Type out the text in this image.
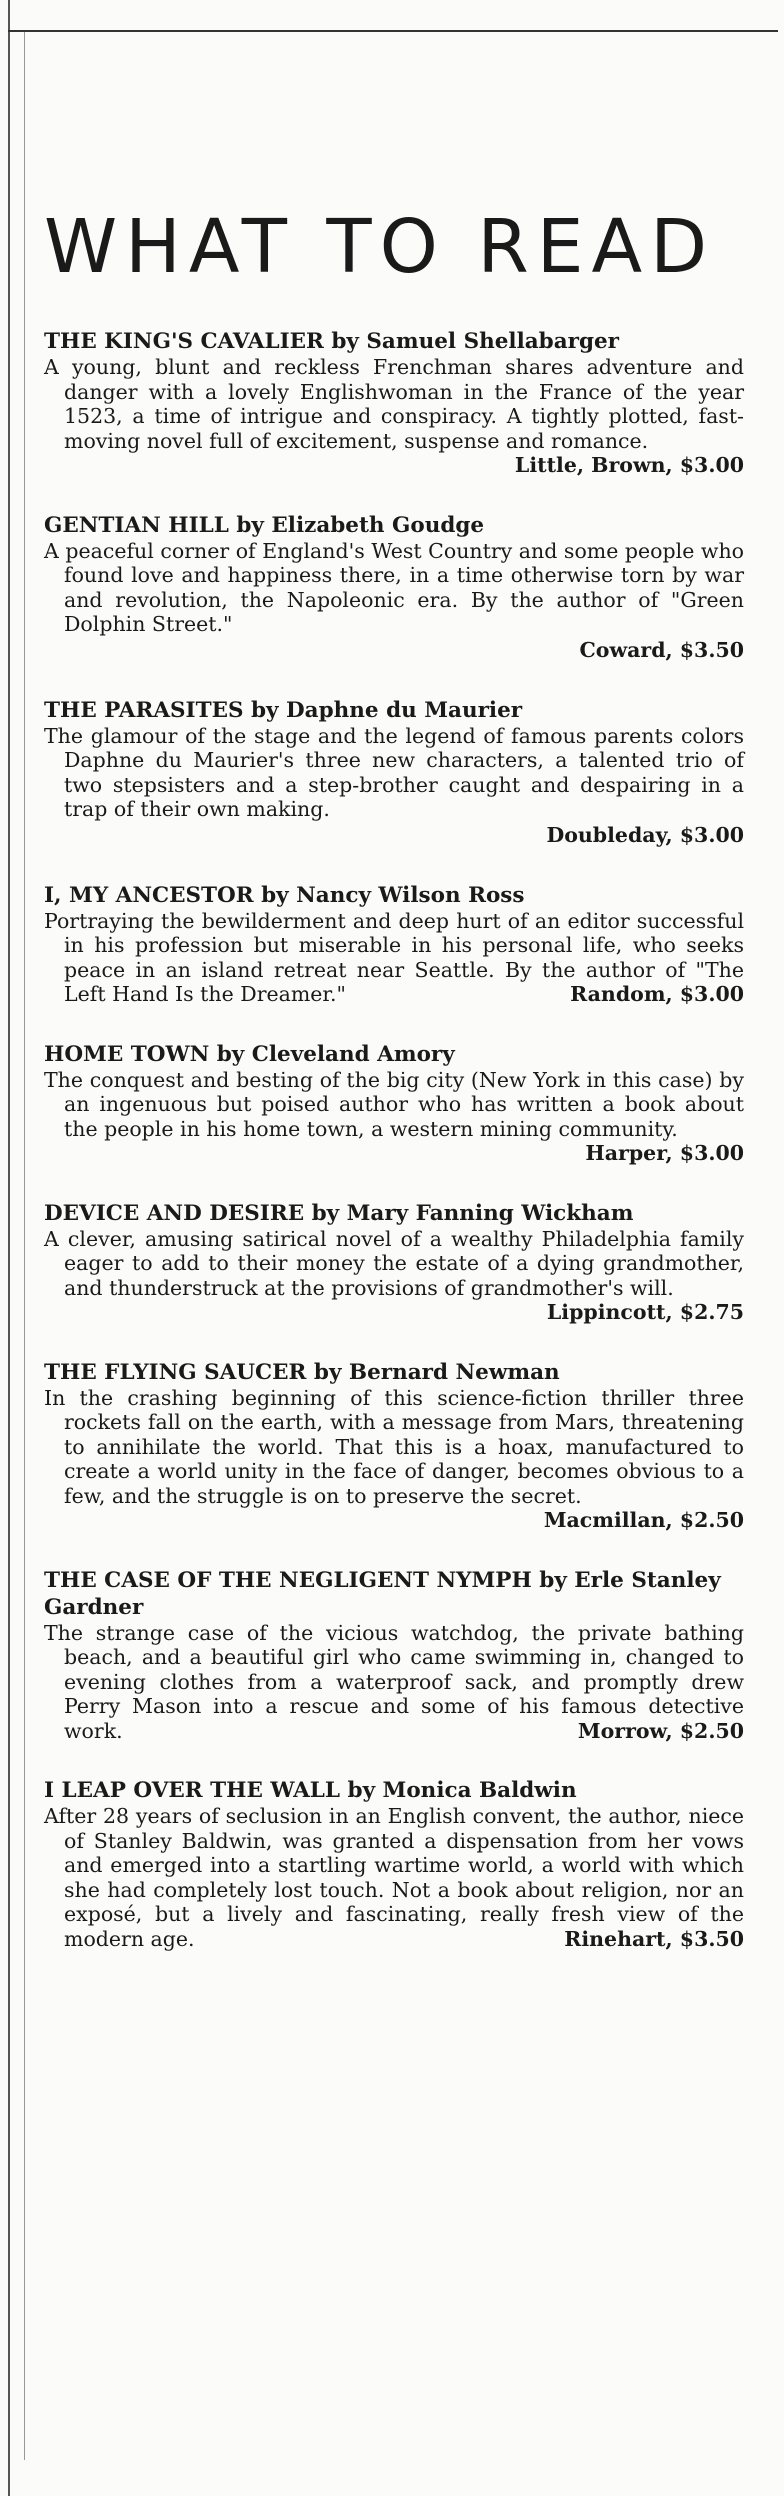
WHAT TO READ

THE KING'S CAVALIER by Samuel Shellabarger

A young, blunt and reckless Frenchman shares adventure and danger with a lovely Englishwoman in the France of the year 1523, a time of intrigue and conspiracy. A tightly plotted, fast-moving novel full of excitement, suspense and romance.
Little, Brown, $3.00

GENTIAN HILL by Elizabeth Goudge

A peaceful corner of England's West Country and some people who found love and happiness there, in a time otherwise torn by war and revolution, the Napoleonic era. By the author of "Green Dolphin Street."

Coward, $3.50

THE PARASITES by Daphne du Maurier

The glamour of the stage and the legend of famous parents colors Daphne du Maurier's three new characters, a talented trio of two stepsisters and a step-brother caught and despairing in a trap of their own making.

Doubleday, $3.00

I, MY ANCESTOR by Nancy Wilson Ross

Portraying the bewilderment and deep hurt of an editor successful in his profession but miserable in his personal life, who seeks peace in an island retreat near Seattle. By the author of "The Left Hand Is the Dreamer."	Random, $3.00

HOME TOWN by Cleveland Amory

The conquest and besting of the big city (New York in this case) by an ingenuous but poised author who has written a book about the people in his home town, a western mining community.
Harper, $3.00

DEVICE AND DESIRE by Mary Fanning Wickham

A clever, amusing satirical novel of a wealthy Philadelphia family eager to add to their money the estate of a dying grandmother, and thunderstruck at the provisions of grandmother's will.
Lippincott, $2.75

THE FLYING SAUCER by Bernard Newman

In the crashing beginning of this science-fiction thriller three rockets fall on the earth, with a message from Mars, threatening to annihilate the world. That this is a hoax, manufactured to create a world unity in the face of danger, becomes obvious to a few, and the struggle is on to preserve the secret.
Macmillan, $2.50

THE CASE OF THE NEGLIGENT NYMPH by Erle Stanley Gardner

The strange case of the vicious watchdog, the private bathing beach, and a beautiful girl who came swimming in, changed to evening clothes from a waterproof sack, and promptly drew Perry Mason into a rescue and some of his famous detective work.	Morrow, $2.50

I LEAP OVER THE WALL by Monica Baldwin

After 28 years of seclusion in an English convent, the author, niece of Stanley Baldwin, was granted a dispensation from her vows and emerged into a startling wartime world, a world with which she had completely lost touch. Not a book about religion, nor an exposé, but a lively and fascinating, really fresh view of the modern age.	Rinehart, $3.50
